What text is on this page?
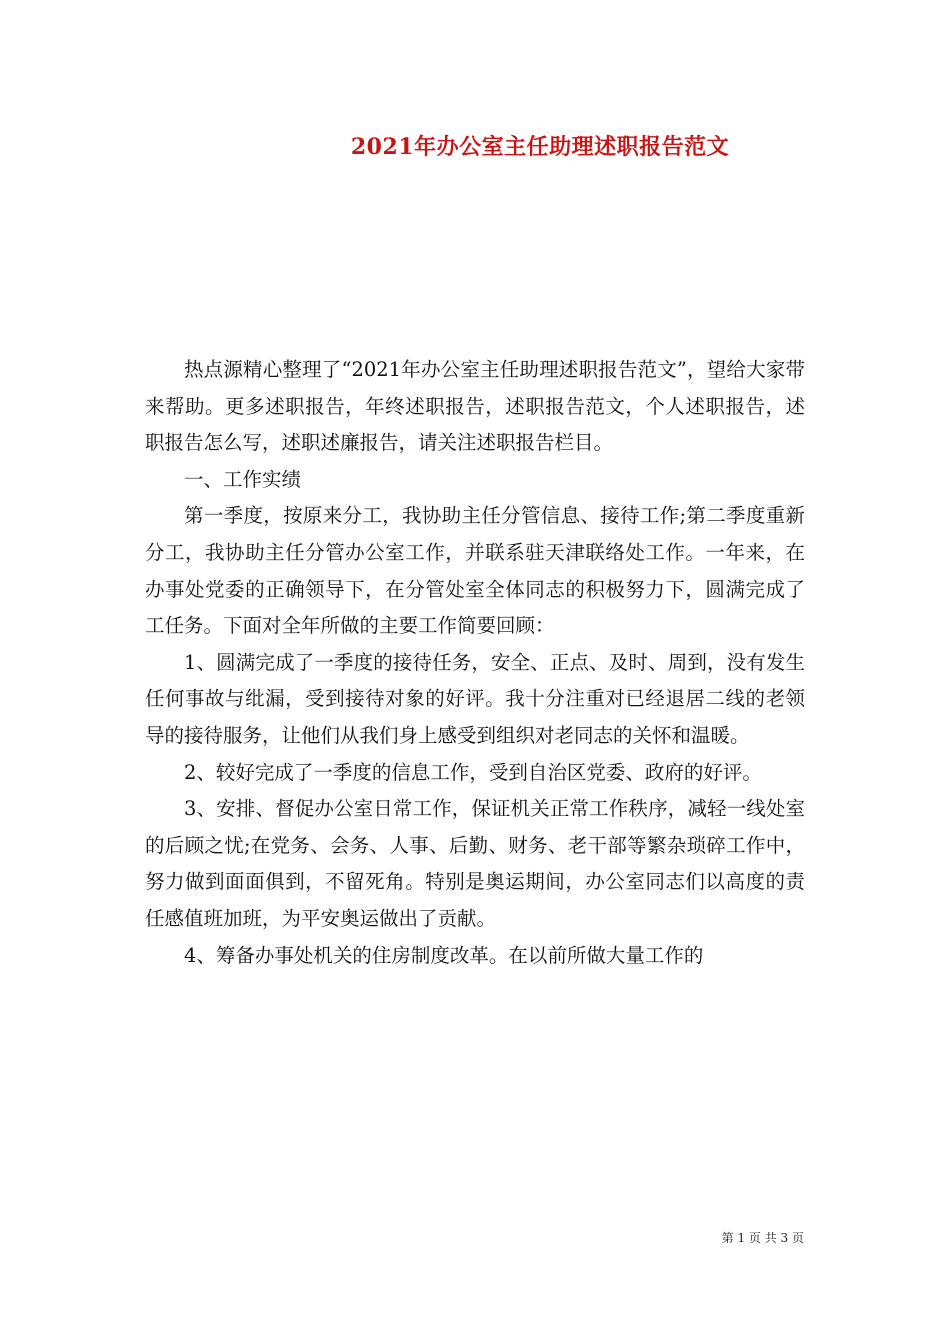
2021年办公室主任助理述职报告范文

热点源精心整理了“2021年办公室主任助理述职报告范文”，望给大家带来帮助。更多述职报告，年终述职报告，述职报告范文，个人述职报告，述职报告怎么写，述职述廉报告，请关注述职报告栏目。

一、工作实绩

第一季度，按原来分工，我协助主任分管信息、接待工作;第二季度重新分工，我协助主任分管办公室工作，并联系驻天津联络处工作。一年来，在办事处党委的正确领导下，在分管处室全体同志的积极努力下，圆满完成了工任务。下面对全年所做的主要工作简要回顾：

1、圆满完成了一季度的接待任务，安全、正点、及时、周到，没有发生任何事故与纰漏，受到接待对象的好评。我十分注重对已经退居二线的老领导的接待服务，让他们从我们身上感受到组织对老同志的关怀和温暖。

2、较好完成了一季度的信息工作，受到自治区党委、政府的好评。

3、安排、督促办公室日常工作，保证机关正常工作秩序，减轻一线处室的后顾之忧;在党务、会务、人事、后勤、财务、老干部等繁杂琐碎工作中，努力做到面面俱到，不留死角。特别是奥运期间，办公室同志们以高度的责任感值班加班，为平安奥运做出了贡献。

4、筹备办事处机关的住房制度改革。在以前所做大量工作的

第 1 页 共 3 页
